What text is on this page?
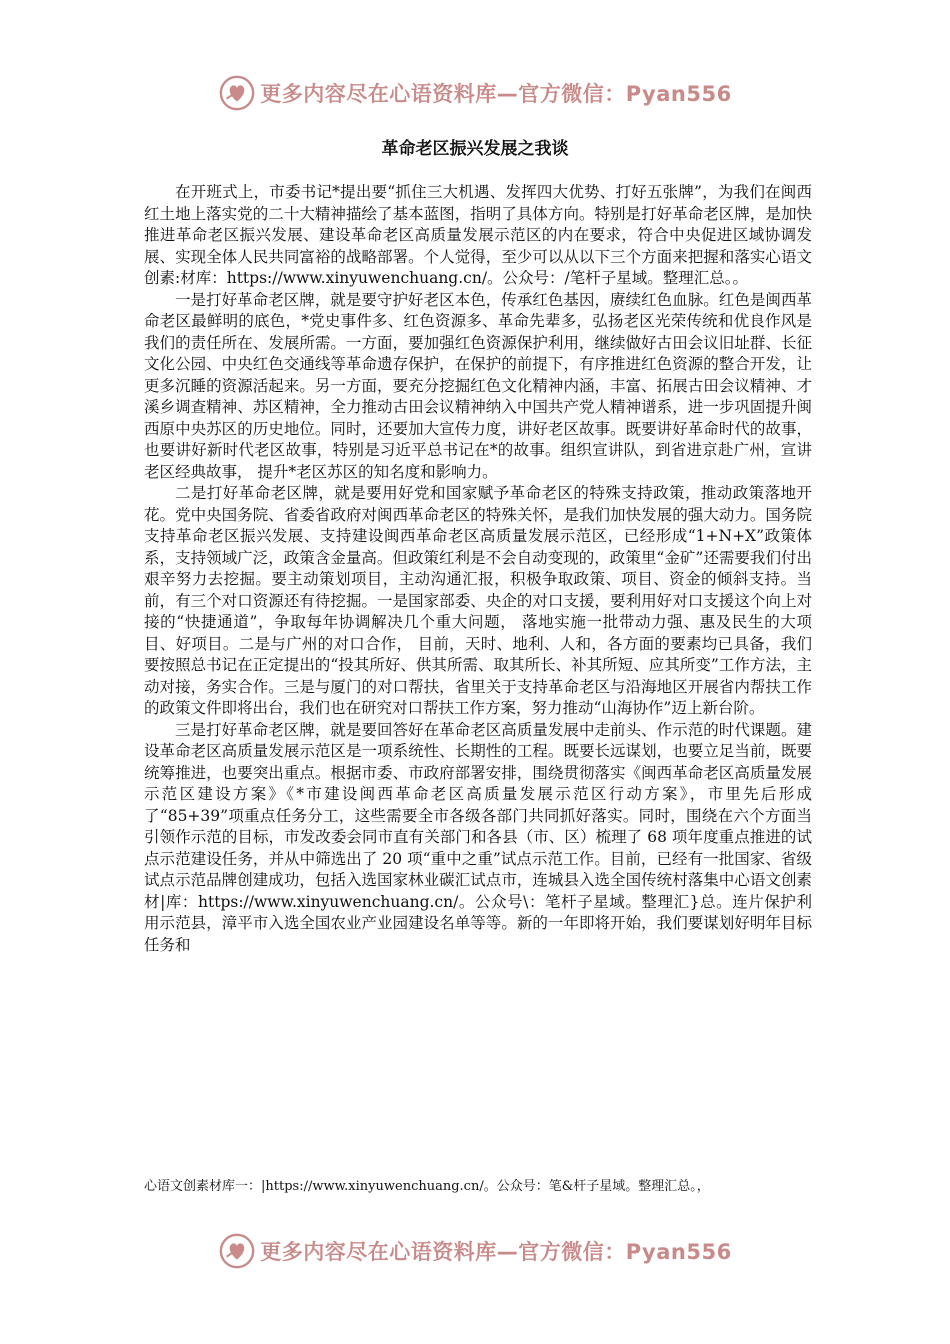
更多内容尽在心语资料库—官方微信：Pyan556
革命老区振兴发展之我谈

在开班式上，市委书记*提出要“抓住三大机遇、发挥四大优势、打好五张牌”，为我们在闽西红土地上落实党的二十大精神描绘了基本蓝图，指明了具体方向。特别是打好革命老区牌，是加快推进革命老区振兴发展、建设革命老区高质量发展示范区的内在要求，符合中央促进区域协调发展、实现全体人民共同富裕的战略部署。个人觉得，至少可以从以下三个方面来把握和落实心语文创素:材库：https://www.xinyuwenchuang.cn/。公众号：/笔杆子星域。整理汇总。。

一是打好革命老区牌，就是要守护好老区本色，传承红色基因，赓续红色血脉。红色是闽西革命老区最鲜明的底色，*党史事件多、红色资源多、革命先辈多，弘扬老区光荣传统和优良作风是我们的责任所在、发展所需。一方面，要加强红色资源保护利用，继续做好古田会议旧址群、长征文化公园、中央红色交通线等革命遗存保护，在保护的前提下，有序推进红色资源的整合开发，让更多沉睡的资源活起来。另一方面，要充分挖掘红色文化精神内涵，丰富、拓展古田会议精神、才溪乡调查精神、苏区精神，全力推动古田会议精神纳入中国共产党人精神谱系，进一步巩固提升闽西原中央苏区的历史地位。同时，还要加大宣传力度，讲好老区故事。既要讲好革命时代的故事，也要讲好新时代老区故事，特别是习近平总书记在*的故事。组织宣讲队，到省进京赴广州，宣讲老区经典故事， 提升*老区苏区的知名度和影响力。

二是打好革命老区牌，就是要用好党和国家赋予革命老区的特殊支持政策，推动政策落地开花。党中央国务院、省委省政府对闽西革命老区的特殊关怀，是我们加快发展的强大动力。国务院支持革命老区振兴发展、支持建设闽西革命老区高质量发展示范区，已经形成“1+N+X”政策体系，支持领域广泛，政策含金量高。但政策红利是不会自动变现的，政策里“金矿”还需要我们付出艰辛努力去挖掘。要主动策划项目，主动沟通汇报，积极争取政策、项目、资金的倾斜支持。当前，有三个对口资源还有待挖掘。一是国家部委、央企的对口支援，要利用好对口支援这个向上对接的“快捷通道”，争取每年协调解决几个重大问题， 落地实施一批带动力强、惠及民生的大项目、好项目。二是与广州的对口合作， 目前，天时、地利、人和，各方面的要素均已具备，我们要按照总书记在正定提出的“投其所好、供其所需、取其所长、补其所短、应其所变”工作方法，主动对接，务实合作。三是与厦门的对口帮扶，省里关于支持革命老区与沿海地区开展省内帮扶工作的政策文件即将出台，我们也在研究对口帮扶工作方案，努力推动“山海协作”迈上新台阶。

三是打好革命老区牌，就是要回答好在革命老区高质量发展中走前头、作示范的时代课题。建设革命老区高质量发展示范区是一项系统性、长期性的工程。既要长远谋划，也要立足当前，既要统筹推进，也要突出重点。根据市委、市政府部署安排，围绕贯彻落实《闽西革命老区高质量发展示范区建设方案》《*市建设闽西革命老区高质量发展示范区行动方案》，市里先后形成了“85+39”项重点任务分工，这些需要全市各级各部门共同抓好落实。同时，围绕在六个方面当引领作示范的目标，市发改委会同市直有关部门和各县（市、区）梳理了 68 项年度重点推进的试点示范建设任务，并从中筛选出了 20 项“重中之重”试点示范工作。目前，已经有一批国家、省级试点示范品牌创建成功，包括入选国家林业碳汇试点市，连城县入选全国传统村落集中心语文创素材|库：https://www.xinyuwenchuang.cn/。公众号\：笔杆子星域。整理汇}总。连片保护利用示范县，漳平市入选全国农业产业园建设名单等等。新的一年即将开始，我们要谋划好明年目标任务和

心语文创素材库一：|https://www.xinyuwenchuang.cn/。公众号：笔&杆子星域。整理汇总。，

更多内容尽在心语资料库—官方微信：Pyan556
